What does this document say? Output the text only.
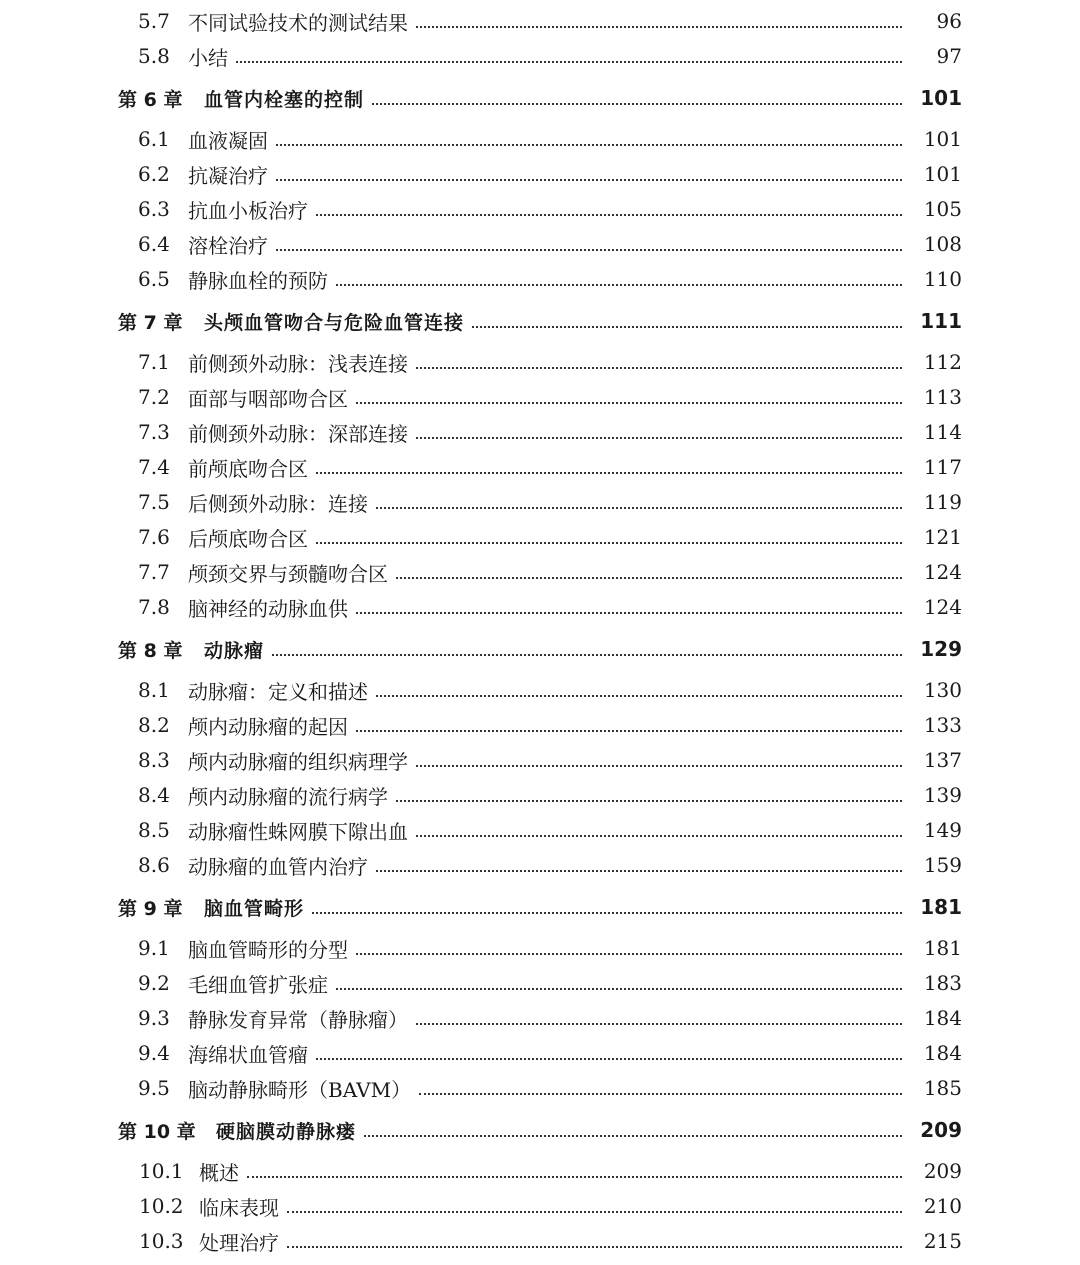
5.7 不同试验技术的测试结果	96
5.8 小结	97
第 6 章	血管内栓塞的控制	101
6.1 血液凝固	101
6.2 抗凝治疗	101
6.3 抗血小板治疗	105
6.4 溶栓治疗	108
6.5 静脉血栓的预防	110
第 7 章	头颅血管吻合与危险血管连接	111
7.1 前侧颈外动脉：浅表连接	112
7.2 面部与咽部吻合区	113
7.3 前侧颈外动脉：深部连接	114
7.4 前颅底吻合区	117
7.5 后侧颈外动脉：连接	119
7.6 后颅底吻合区	121
7.7 颅颈交界与颈髓吻合区	124
7.8 脑神经的动脉血供	124
第 8 章	动脉瘤	129
8.1 动脉瘤：定义和描述	130
8.2 颅内动脉瘤的起因	133
8.3 颅内动脉瘤的组织病理学	137
8.4 颅内动脉瘤的流行病学	139
8.5 动脉瘤性蛛网膜下隙出血	149
8.6 动脉瘤的血管内治疗	159
第 9 章	脑血管畸形	181
9.1 脑血管畸形的分型	181
9.2 毛细血管扩张症	183
9.3 静脉发育异常（静脉瘤）	184
9.4 海绵状血管瘤	184
9.5 脑动静脉畸形（BAVM）	185
第 10 章	硬脑膜动静脉瘘	209
10.1 概述	209
10.2 临床表现	210
10.3 处理治疗	215
